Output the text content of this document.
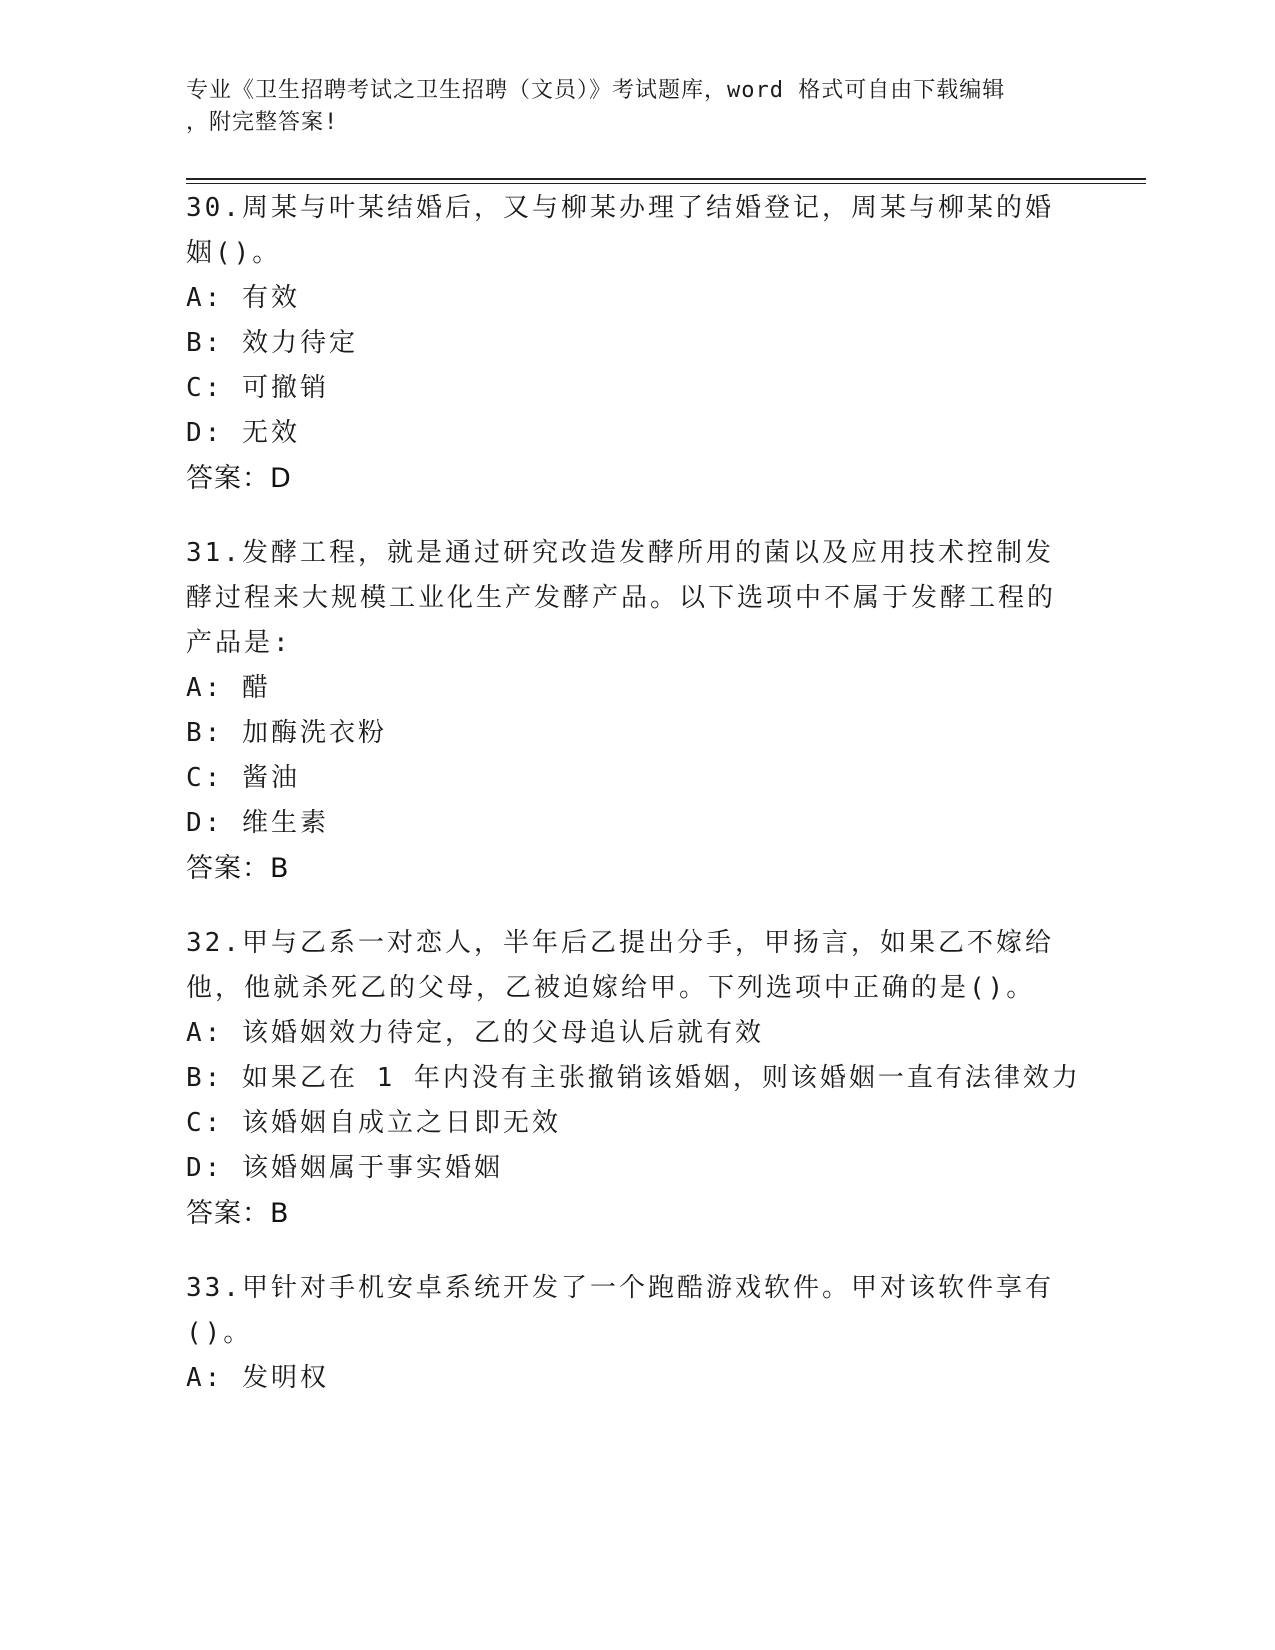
专业《卫生招聘考试之卫生招聘（文员）》考试题库，word 格式可自由下载编辑
，附完整答案!
30.周某与叶某结婚后，又与柳某办理了结婚登记，周某与柳某的婚姻()。
A: 有效
B: 效力待定
C: 可撤销
D: 无效
答案：D
31.发酵工程，就是通过研究改造发酵所用的菌以及应用技术控制发酵过程来大规模工业化生产发酵产品。以下选项中不属于发酵工程的产品是:
A: 醋
B: 加酶洗衣粉
C: 酱油
D: 维生素
答案：B
32.甲与乙系一对恋人，半年后乙提出分手，甲扬言，如果乙不嫁给他，他就杀死乙的父母，乙被迫嫁给甲。下列选项中正确的是()。
A: 该婚姻效力待定，乙的父母追认后就有效
B: 如果乙在 1 年内没有主张撤销该婚姻，则该婚姻一直有法律效力
C: 该婚姻自成立之日即无效
D: 该婚姻属于事实婚姻
答案：B
33.甲针对手机安卓系统开发了一个跑酷游戏软件。甲对该软件享有()。
A: 发明权
